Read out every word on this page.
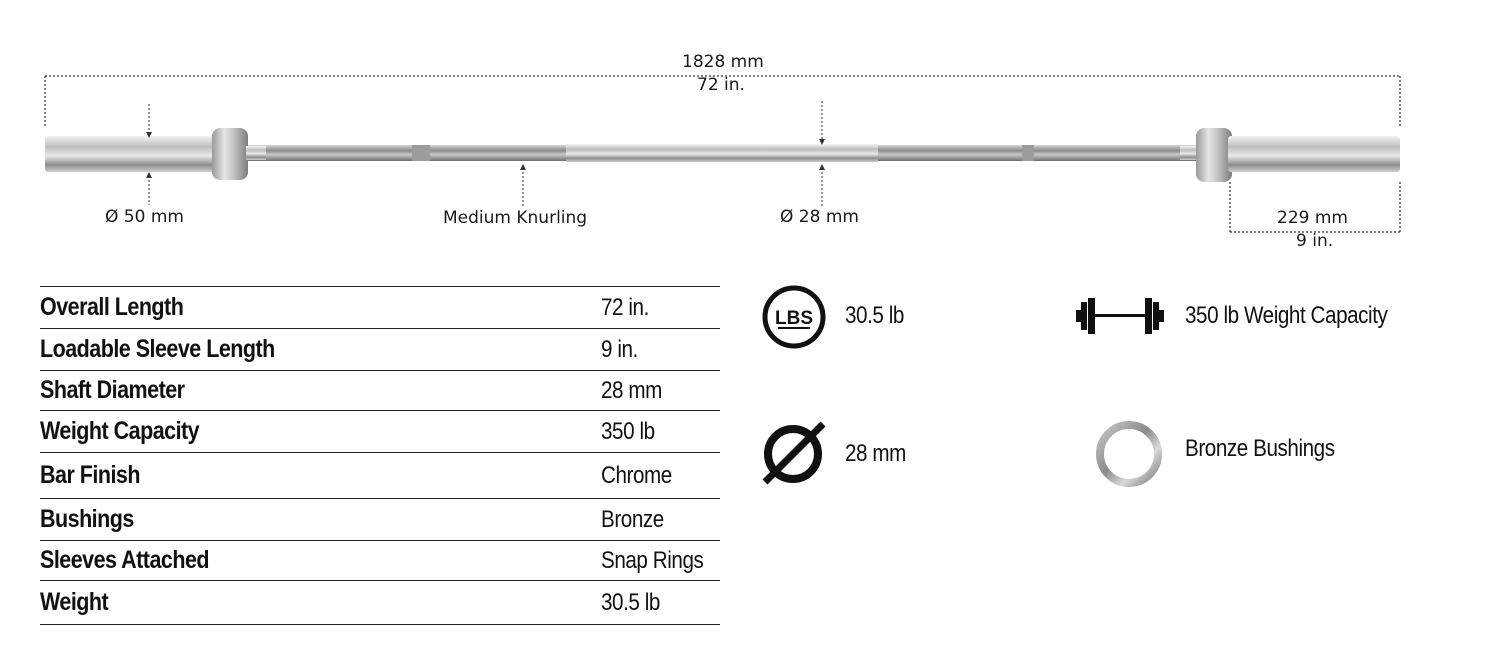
1828 mm
72 in.
Ø 50 mm	Medium Knurling	Ø 28 mm	229 mm
9 in.
Overall Length	72 in.
Loadable Sleeve Length	9 in.
Shaft Diameter	28 mm
Weight Capacity	350 lb
Bar Finish	Chrome
Bushings	Bronze
Sleeves Attached	Snap Rings
Weight	30.5 lb
LBS 30.5 lb	350 lb Weight Capacity
28 mm	Bronze Bushings
